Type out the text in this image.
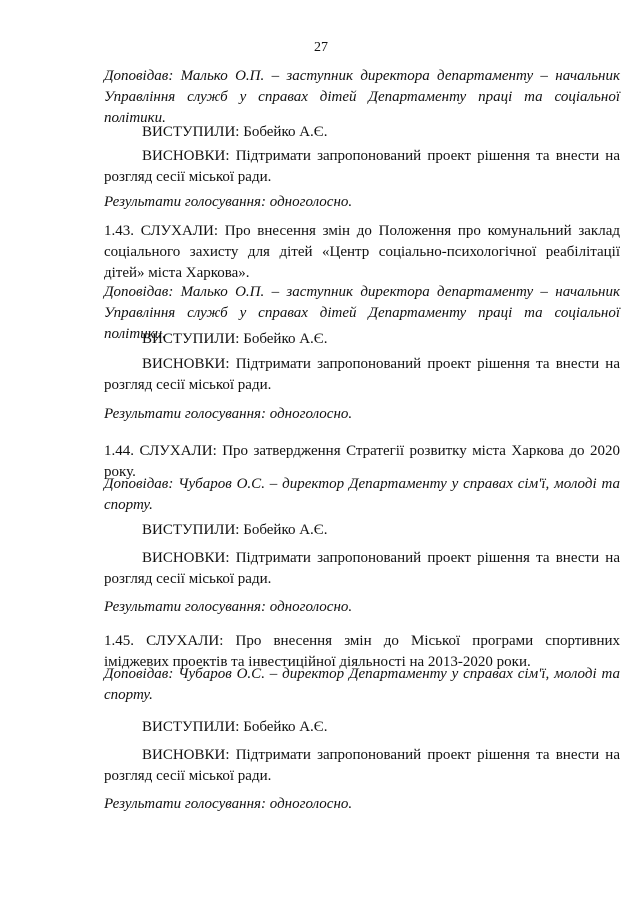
27

Доповідав: Малько О.П. – заступник директора департаменту – начальник Управління служб у справах дітей Департаменту праці та соціальної політики.

ВИСТУПИЛИ: Бобейко А.Є.

ВИСНОВКИ: Підтримати запропонований проект рішення та внести на розгляд сесії міської ради.

Результати голосування: одноголосно.

1.43. СЛУХАЛИ: Про внесення змін до Положення про комунальний заклад соціального захисту для дітей «Центр соціально-психологічної реабілітації дітей» міста Харкова».

Доповідав: Малько О.П. – заступник директора департаменту – начальник Управління служб у справах дітей Департаменту праці та соціальної політики.

ВИСТУПИЛИ: Бобейко А.Є.

ВИСНОВКИ: Підтримати запропонований проект рішення та внести на розгляд сесії міської ради.

Результати голосування: одноголосно.

1.44. СЛУХАЛИ: Про затвердження Стратегії розвитку міста Харкова до 2020 року.

Доповідав: Чубаров О.С. – директор Департаменту у справах сім'ї, молоді та спорту.

ВИСТУПИЛИ: Бобейко А.Є.

ВИСНОВКИ: Підтримати запропонований проект рішення та внести на розгляд сесії міської ради.

Результати голосування: одноголосно.

1.45. СЛУХАЛИ: Про внесення змін до Міської програми спортивних іміджевих проектів та інвестиційної діяльності на 2013-2020 роки.

Доповідав: Чубаров О.С. – директор Департаменту у справах сім'ї, молоді та спорту.

ВИСТУПИЛИ: Бобейко А.Є.

ВИСНОВКИ: Підтримати запропонований проект рішення та внести на розгляд сесії міської ради.

Результати голосування: одноголосно.
